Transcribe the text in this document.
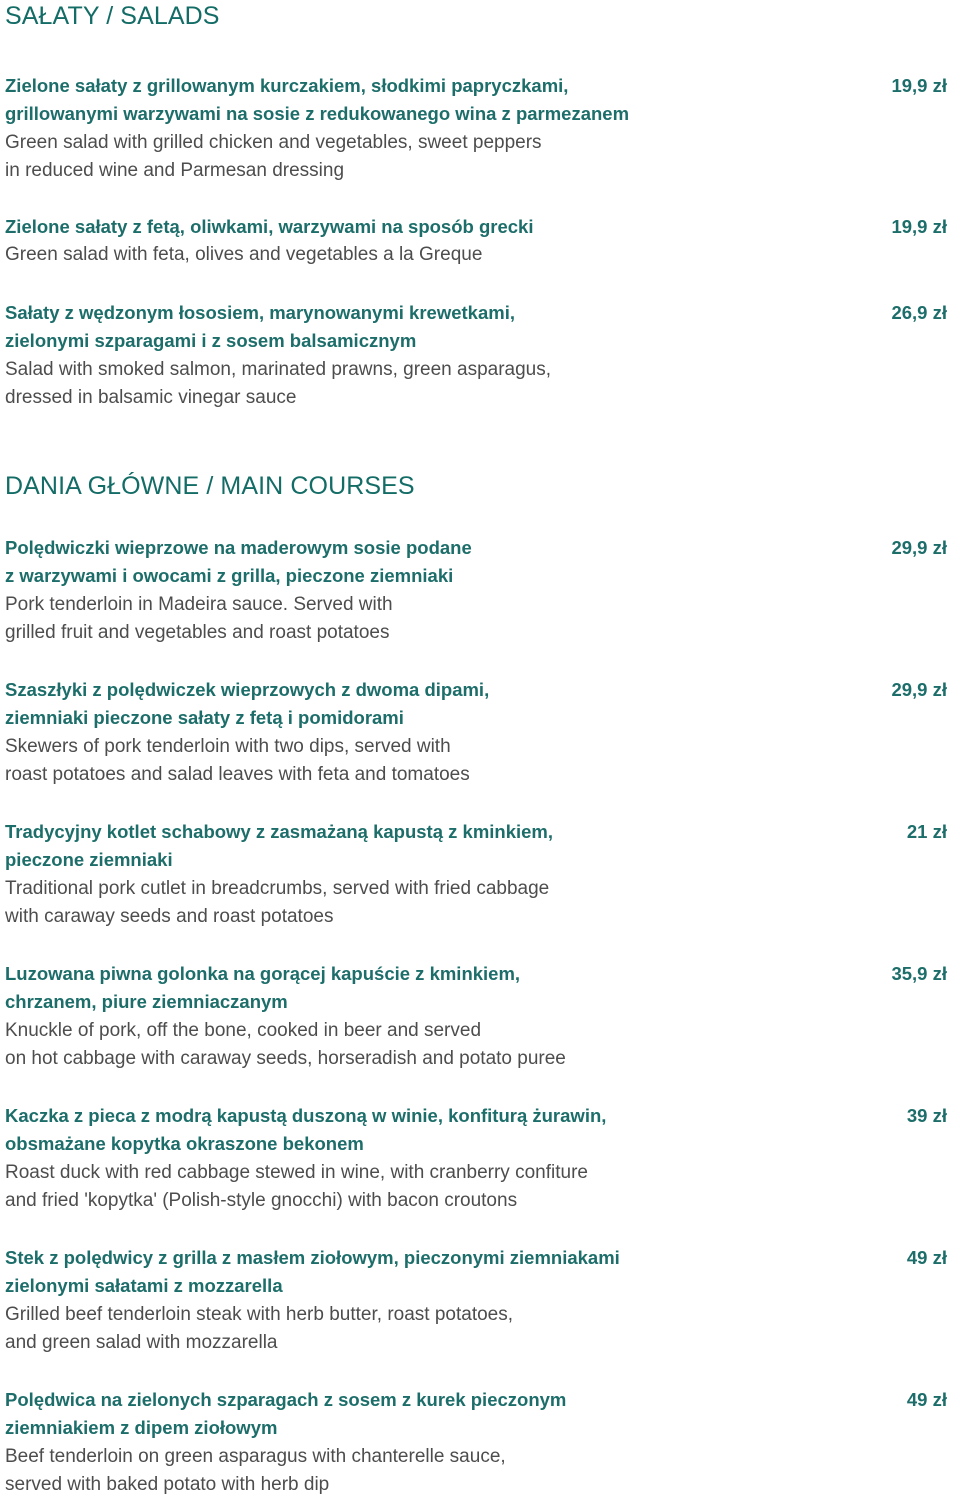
SAŁATY / SALADS
Zielone sałaty z grillowanym kurczakiem, słodkimi papryczkami,
grillowanymi warzywami na sosie z redukowanego wina z parmezanem
Green salad with grilled chicken and vegetables, sweet peppers
in reduced wine and Parmesan dressing
19,9 zł
Zielone sałaty z fetą, oliwkami, warzywami na sposób grecki
Green salad with feta, olives and vegetables a la Greque
19,9 zł
Sałaty z wędzonym łososiem, marynowanymi krewetkami,
zielonymi szparagami i z sosem balsamicznym
Salad with smoked salmon, marinated prawns, green asparagus,
dressed in balsamic vinegar sauce
26,9 zł
DANIA GŁÓWNE / MAIN COURSES
Polędwiczki wieprzowe na maderowym sosie podane
z warzywami i owocami z grilla, pieczone ziemniaki
Pork tenderloin in Madeira sauce. Served with
grilled fruit and vegetables and roast potatoes
29,9 zł
Szaszłyki z polędwiczek wieprzowych z dwoma dipami,
ziemniaki pieczone sałaty z fetą i pomidorami
Skewers of pork tenderloin with two dips, served with
roast potatoes and salad leaves with feta and tomatoes
29,9 zł
Tradycyjny kotlet schabowy z zasmażaną kapustą z kminkiem,
pieczone ziemniaki
Traditional pork cutlet in breadcrumbs, served with fried cabbage
with caraway seeds and roast potatoes
21 zł
Luzowana piwna golonka na gorącej kapuście z kminkiem,
chrzanem, piure ziemniaczanym
Knuckle of pork, off the bone, cooked in beer and served
on hot cabbage with caraway seeds, horseradish and potato puree
35,9 zł
Kaczka z pieca z modrą kapustą duszoną w winie, konfiturą żurawin,
obsmażane kopytka okraszone bekonem
Roast duck with red cabbage stewed in wine, with cranberry confiture
and fried 'kopytka' (Polish-style gnocchi) with bacon croutons
39 zł
Stek z polędwicy z grilla z masłem ziołowym, pieczonymi ziemniakami
zielonymi sałatami z mozzarella
Grilled beef tenderloin steak with herb butter, roast potatoes,
and green salad with mozzarella
49 zł
Polędwica na zielonych szparagach z sosem z kurek pieczonym
ziemniakiem z dipem ziołowym
Beef tenderloin on green asparagus with chanterelle sauce,
served with baked potato with herb dip
49 zł
